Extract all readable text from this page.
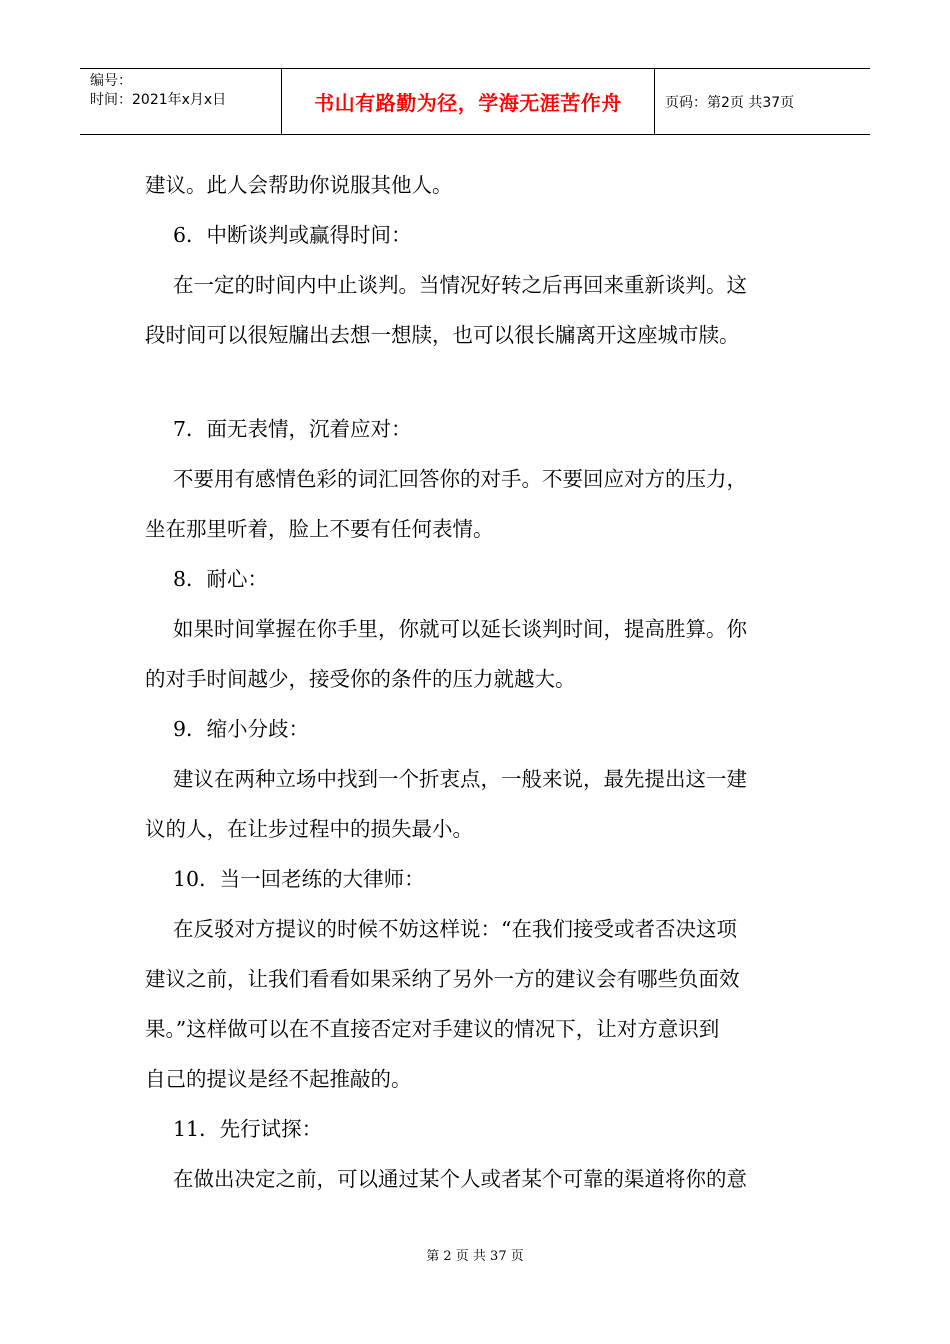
编号：
时间：2021年x月x日	书山有路勤为径，学海无涯苦作舟	页码：第2页 共37页
建议。此人会帮助你说服其他人。
6．中断谈判或赢得时间：
在一定的时间内中止谈判。当情况好转之后再回来重新谈判。这
段时间可以很短牖出去想一想牍，也可以很长牖离开这座城市牍。
7．面无表情，沉着应对：
不要用有感情色彩的词汇回答你的对手。不要回应对方的压力，
坐在那里听着，脸上不要有任何表情。
8．耐心：
如果时间掌握在你手里，你就可以延长谈判时间，提高胜算。你
的对手时间越少，接受你的条件的压力就越大。
9．缩小分歧：
建议在两种立场中找到一个折衷点，一般来说，最先提出这一建
议的人，在让步过程中的损失最小。
10．当一回老练的大律师：
在反驳对方提议的时候不妨这样说：“在我们接受或者否决这项
建议之前，让我们看看如果采纳了另外一方的建议会有哪些负面效
果。”这样做可以在不直接否定对手建议的情况下，让对方意识到
自己的提议是经不起推敲的。
11．先行试探：
在做出决定之前，可以通过某个人或者某个可靠的渠道将你的意
第 2 页 共 37 页
